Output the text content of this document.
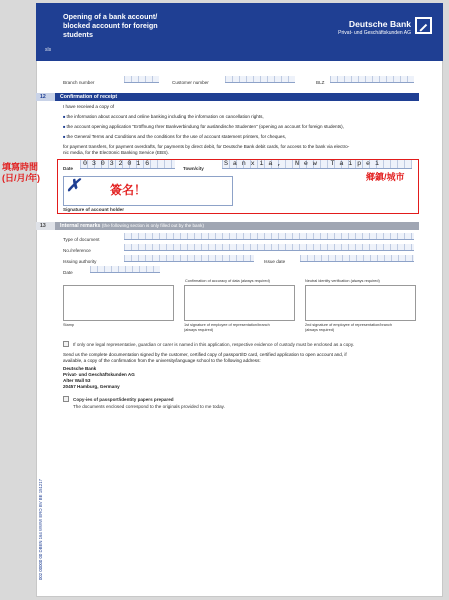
Opening of a bank account/
blocked account for foreign
students
sls
Deutsche Bank
Privat- und Geschäftskunden AG
Branch number	Customer number	BLZ
12	Confirmation of receipt
I have received a copy of
■ the information about account and online banking including the information on cancellation rights,
■ the account opening application "Eröffnung Ihrer Bankverbindung für ausländische Studenten" (opening an account for foreign students),
■ the General Terms and Conditions and the conditions for the use of account statement printers, for cheques,
for payment transfers, for payment overdrafts, for payments by direct debit, for Deutsche Bank debit cards, for access to the bank via electro-
nic media, for the Electronic Banking Service (EBS).
Date
03032016
Town/city
Sanxia, New Taipei
✗ 簽名！
Signature of account holder
填寫時間
(日/月/年)	鄉鎮/城市
13	Internal remarks (the following section is only filled out by the bank)
Type of document
No./reference
Issuing authority	Issue date
Date
Confirmation of accuracy of data (always required)	Neutral identity verification (always required)
Stamp	1st signature of employee of representation/branch
(always required)
2nd signature of employee of representation/branch
(always required)
If only one legal representative, guardian or carer is named in this application, respective evidence of custody must be enclosed as a copy.
Send us the complete documentation signed by the customer, certified copy of passport/ID card, certified application to open account and, if
available, a copy of the confirmation from the university/language school to the following address:
Deutsche Bank
Privat- und Geschäftskunden AG
Alter Wall 53
20457 Hamburg, Germany
Copy-ies of passport/identity papers prepared
The documents enclosed correspond to the originals provided to me today.
002 00000 00 DBEN 164 WWW ERO BV BE 151217
